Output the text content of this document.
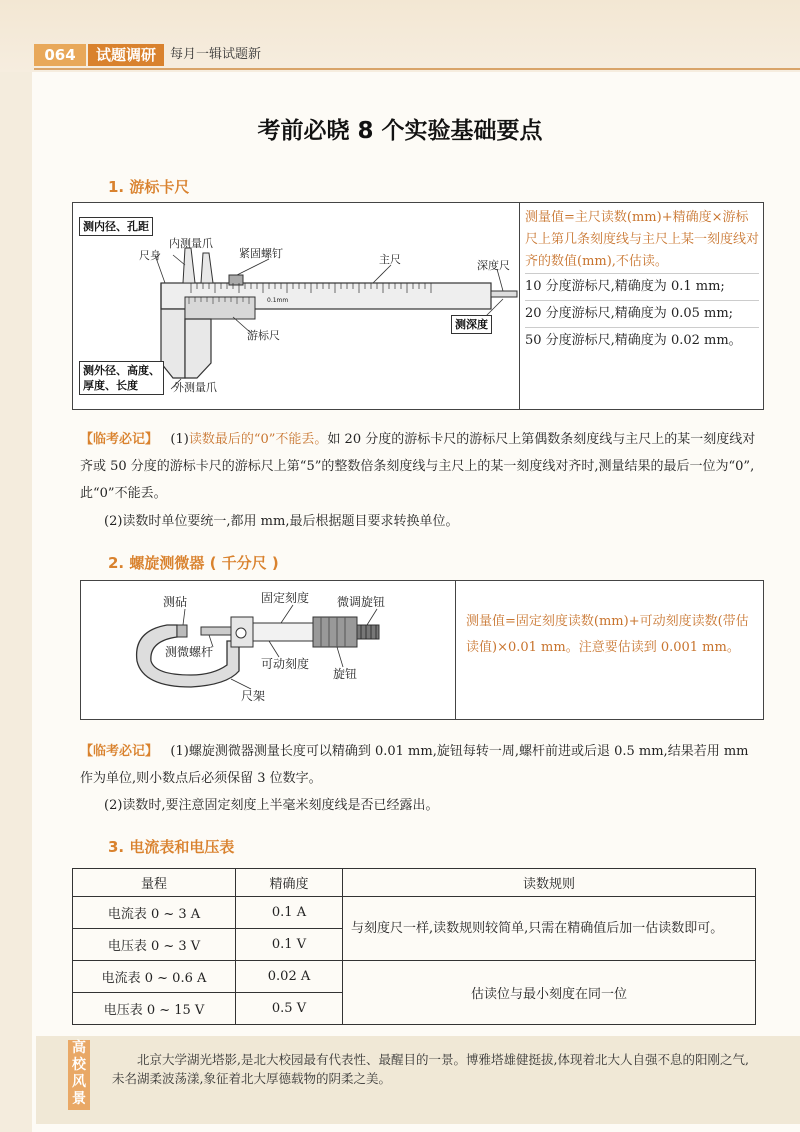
064	试题调研	每月一辑试题新
考前必晓 8 个实验基础要点
1. 游标卡尺
测内径、孔距
内测量爪
尺身	紧固螺钉	主尺	深度尺
0.1mm
测深度
游标尺
测外径、高度、
厚度、长度	外测量爪
测量值=主尺读数(mm)+精确度×游标尺上第几条刻度线与主尺上某一刻度线对齐的数值(mm),不估读。
10 分度游标尺,精确度为 0.1 mm;
20 分度游标尺,精确度为 0.05 mm;
50 分度游标尺,精确度为 0.02 mm。
【临考必记】 (1)读数最后的“0”不能丢。如 20 分度的游标卡尺的游标尺上第偶数条刻度线与主尺上的某一刻度线对齐或 50 分度的游标卡尺的游标尺上第“5”的整数倍条刻度线与主尺上的某一刻度线对齐时,测量结果的最后一位为“0”,此“0”不能丢。
(2)读数时单位要统一,都用 mm,最后根据题目要求转换单位。
2. 螺旋测微器 ( 千分尺 )
测砧	固定刻度 微调旋钮
测微螺杆
可动刻度
旋钮
尺架
测量值=固定刻度读数(mm)+可动刻度读数(带估读值)×0.01 mm。注意要估读到 0.001 mm。
【临考必记】 (1)螺旋测微器测量长度可以精确到 0.01 mm,旋钮每转一周,螺杆前进或后退 0.5 mm,结果若用 mm 作为单位,则小数点后必须保留 3 位数字。
(2)读数时,要注意固定刻度上半毫米刻度线是否已经露出。
3. 电流表和电压表
量程	精确度	读数规则
电流表 0 ~ 3 A	0.1 A	与刻度尺一样,读数规则较简单,只需在精确值后加一估读数即可。
电压表 0 ~ 3 V	0.1 V	
电流表 0 ~ 0.6 A	0.02 A	估读位与最小刻度在同一位
电压表 0 ~ 15 V	0.5 V	
高校风景
北京大学湖光塔影,是北大校园最有代表性、最醒目的一景。博雅塔雄健挺拔,体现着北大人自强不息的阳刚之气,未名湖柔波荡漾,象征着北大厚德载物的阴柔之美。
